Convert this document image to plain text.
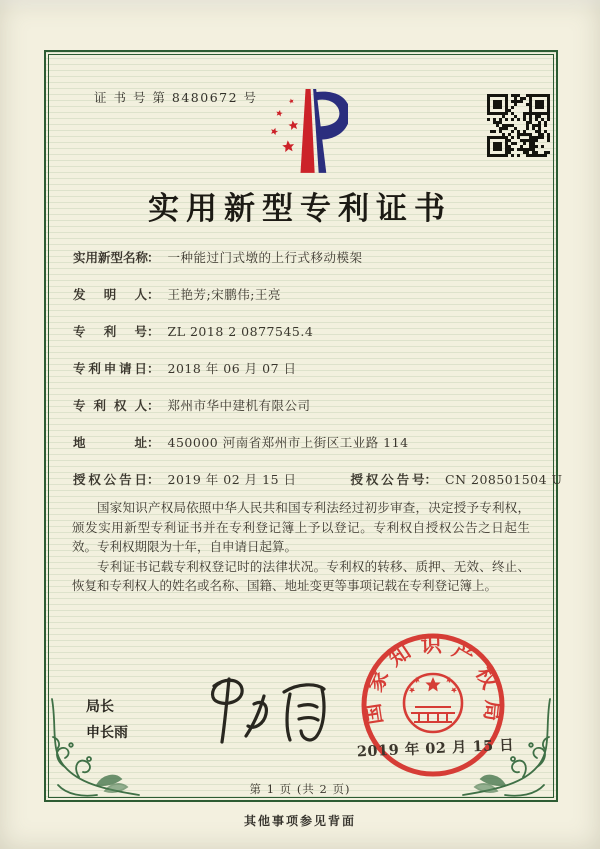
证 书 号 第 8480672 号
实用新型专利证书
实用新型名称： 一种能过门式墩的上行式移动模架
发明人： 王艳芳;宋鹏伟;王亮
专利号： ZL 2018 2 0877545.4
专利申请日： 2018 年 06 月 07 日
专利权人： 郑州市华中建机有限公司
地址： 450000 河南省郑州市上街区工业路 114
授权公告日： 2019 年 02 月 15 日	授权公告号： CN 208501504 U

国家知识产权局依照中华人民共和国专利法经过初步审查，决定授予专利权，颁发实用新型专利证书并在专利登记簿上予以登记。专利权自授权公告之日起生效。专利权期限为十年，自申请日起算。

专利证书记载专利权登记时的法律状况。专利权的转移、质押、无效、终止、恢复和专利权人的姓名或名称、国籍、地址变更等事项记载在专利登记簿上。

局长
申长雨
国家知识产权局
2019 年 02 月 15 日
第 1 页 (共 2 页)
其他事项参见背面
